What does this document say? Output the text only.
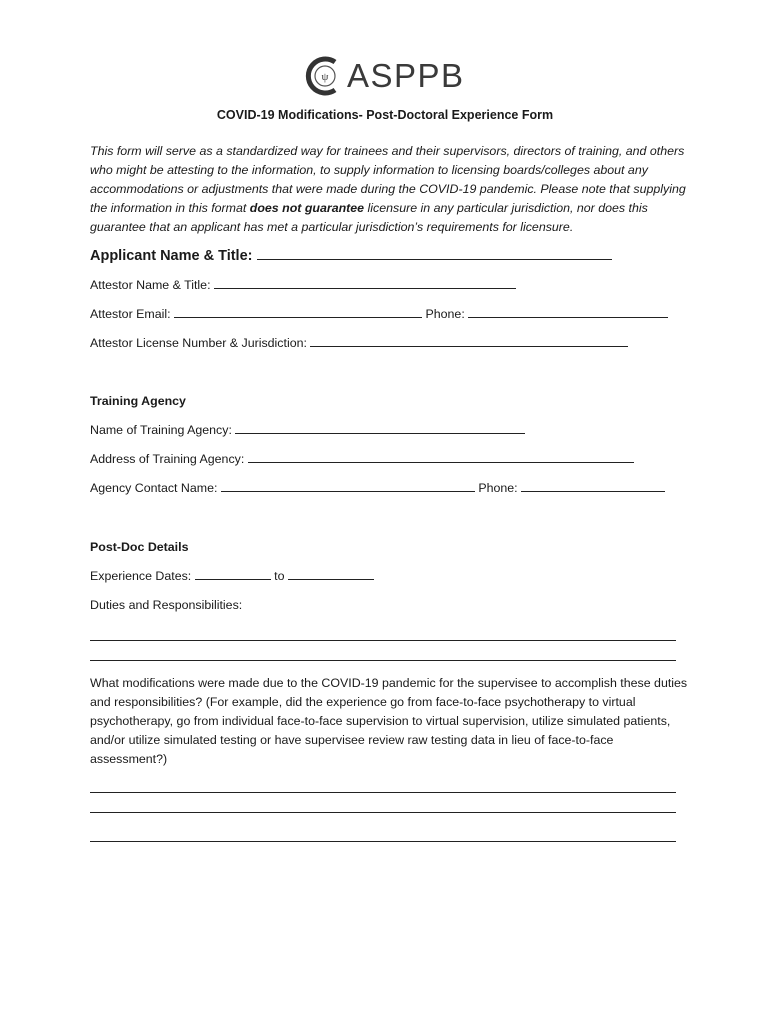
ψ ASPPB
COVID-19 Modifications- Post-Doctoral Experience Form
This form will serve as a standardized way for trainees and their supervisors, directors of training, and others who might be attesting to the information, to supply information to licensing boards/colleges about any accommodations or adjustments that were made during the COVID-19 pandemic. Please note that supplying the information in this format does not guarantee licensure in any particular jurisdiction, nor does this guarantee that an applicant has met a particular jurisdiction’s requirements for licensure.
Applicant Name & Title:
Attestor Name & Title:
Attestor Email:	Phone:
Attestor License Number & Jurisdiction:
Training Agency
Name of Training Agency:
Address of Training Agency:
Agency Contact Name:	Phone:
Post-Doc Details
Experience Dates:	to
Duties and Responsibilities:
What modifications were made due to the COVID-19 pandemic for the supervisee to accomplish these duties and responsibilities? (For example, did the experience go from face-to-face psychotherapy to virtual psychotherapy, go from individual face-to-face supervision to virtual supervision, utilize simulated patients, and/or utilize simulated testing or have supervisee review raw testing data in lieu of face-to-face assessment?)
